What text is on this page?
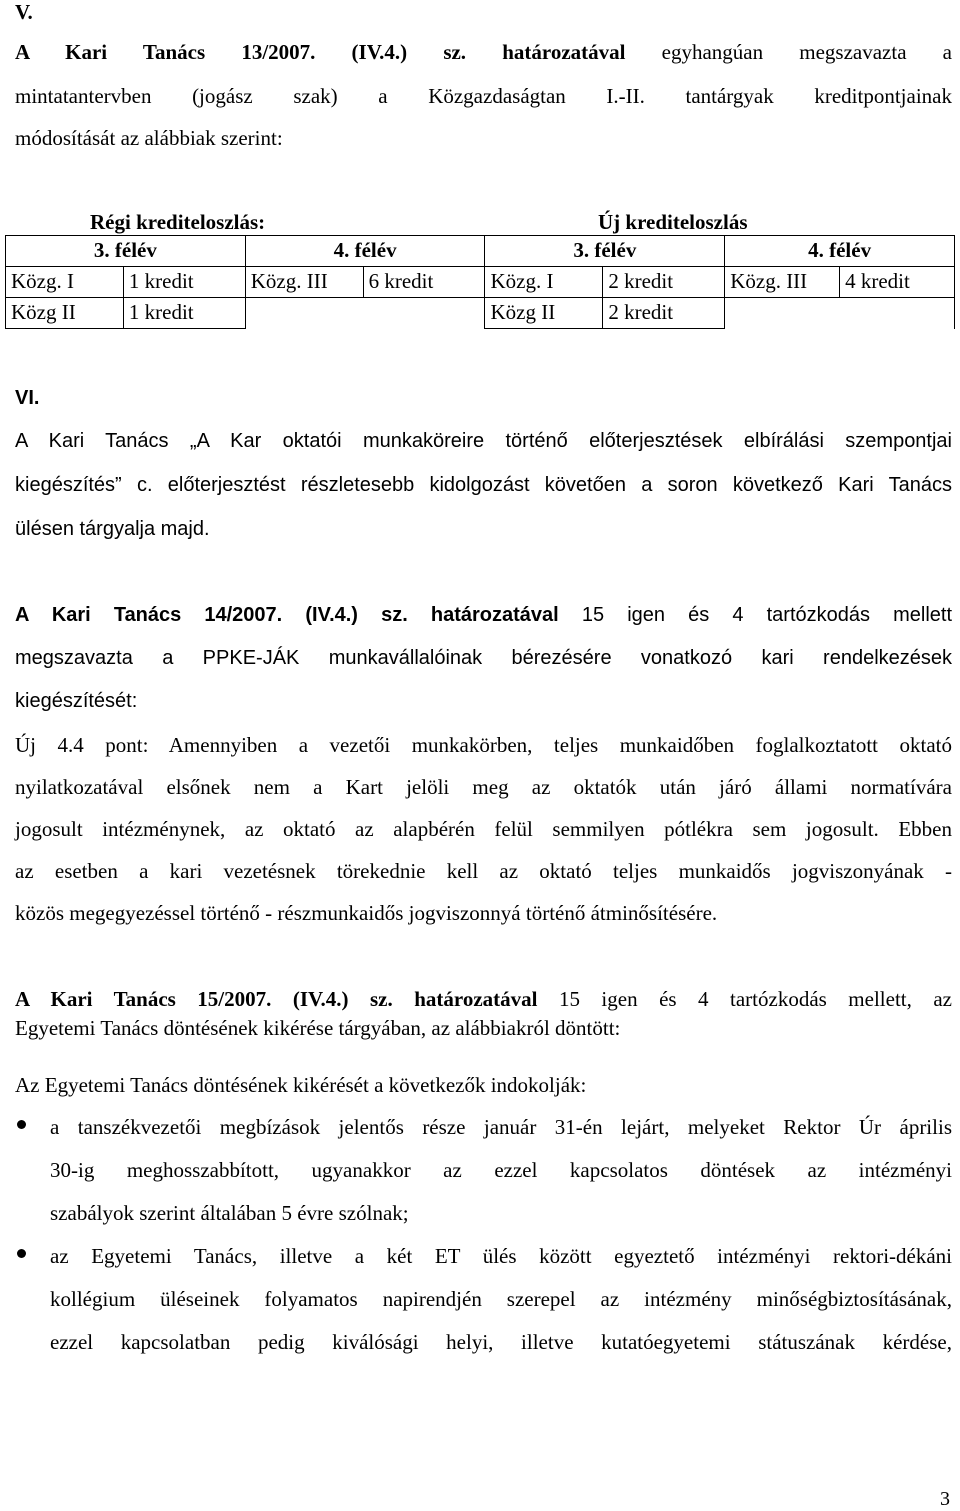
V.
A Kari Tanács 13/2007. (IV.4.) sz. határozatával egyhangúan megszavazta a
mintatantervben (jogász szak) a Közgazdaságtan I.-II. tantárgyak kreditpontjainak
módosítását az alábbiak szerint:
Régi krediteloszlás:	Új krediteloszlás
3. félév		4. félév		3. félév		4. félév	
Közg. I	1 kredit	Közg. III	6 kredit	Közg. I	2 kredit	Közg. III	4 kredit
Közg II	1 kredit			Közg II	2 kredit		
VI.
A Kari Tanács „A Kar oktatói munkaköreire történő előterjesztések elbírálási szempontjai
kiegészítés” c. előterjesztést részletesebb kidolgozást követően a soron következő Kari Tanács
ülésen tárgyalja majd.
A Kari Tanács 14/2007. (IV.4.) sz. határozatával 15 igen és 4 tartózkodás mellett
megszavazta a PPKE-JÁK munkavállalóinak bérezésére vonatkozó kari rendelkezések
kiegészítését:
Új 4.4 pont: Amennyiben a vezetői munkakörben, teljes munkaidőben foglalkoztatott oktató
nyilatkozatával elsőnek nem a Kart jelöli meg az oktatók után járó állami normatívára
jogosult intézménynek, az oktató az alapbérén felül semmilyen pótlékra sem jogosult. Ebben
az esetben a kari vezetésnek törekednie kell az oktató teljes munkaidős jogviszonyának -
közös megegyezéssel történő - részmunkaidős jogviszonnyá történő átminősítésére.
A Kari Tanács 15/2007. (IV.4.) sz. határozatával 15 igen és 4 tartózkodás mellett, az
Egyetemi Tanács döntésének kikérése tárgyában, az alábbiakról döntött:
Az Egyetemi Tanács döntésének kikérését a következők indokolják:
a tanszékvezetői megbízások jelentős része január 31-én lejárt, melyeket Rektor Úr április
30-ig meghosszabbított, ugyanakkor az ezzel kapcsolatos döntések az intézményi
szabályok szerint általában 5 évre szólnak;
az Egyetemi Tanács, illetve a két ET ülés között egyeztető intézményi rektori-dékáni
kollégium üléseinek folyamatos napirendjén szerepel az intézmény minőségbiztosításának,
ezzel kapcsolatban pedig kiválósági helyi, illetve kutatóegyetemi státuszának kérdése,
3
